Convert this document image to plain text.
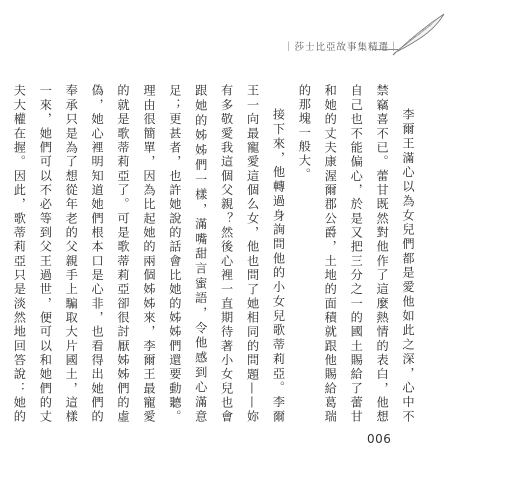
｜莎士比亞故事集精選｜

李爾王滿心以為女兒們都是愛他如此之深，心中不禁竊喜不已。蕾甘既然對他作了這麼熱情的表白，他想自己也不能偏心，於是又把三分之一的國土賜給了蕾甘和她的丈夫康渥爾郡公爵，土地的面積就跟他賜給葛瑞的那塊一般大。

接下來，他轉過身詢問他的小女兒歌蒂莉亞。李爾王一向最寵愛這個么女，他也問了她相同的問題——妳有多敬愛我這個父親？然後心裡一直期待著小女兒也會跟她的姊姊們一樣，滿嘴甜言蜜語，令他感到心滿意足；更甚者，也許她說的話會比她的姊姊們還要動聽。理由很簡單，因為比起她的兩個姊姊來，李爾王最寵愛的就是歌蒂莉亞了。可是歌蒂莉亞卻很討厭姊姊們的虛偽，她心裡明知道她們根本口是心非，也看得出她們的奉承只是為了想從年老的父親手上騙取大片國土，這樣一來，她們可以不必等到父王過世，便可以和她們的丈夫大權在握。因此，歌蒂莉亞只是淡然地回答說：她的

006
